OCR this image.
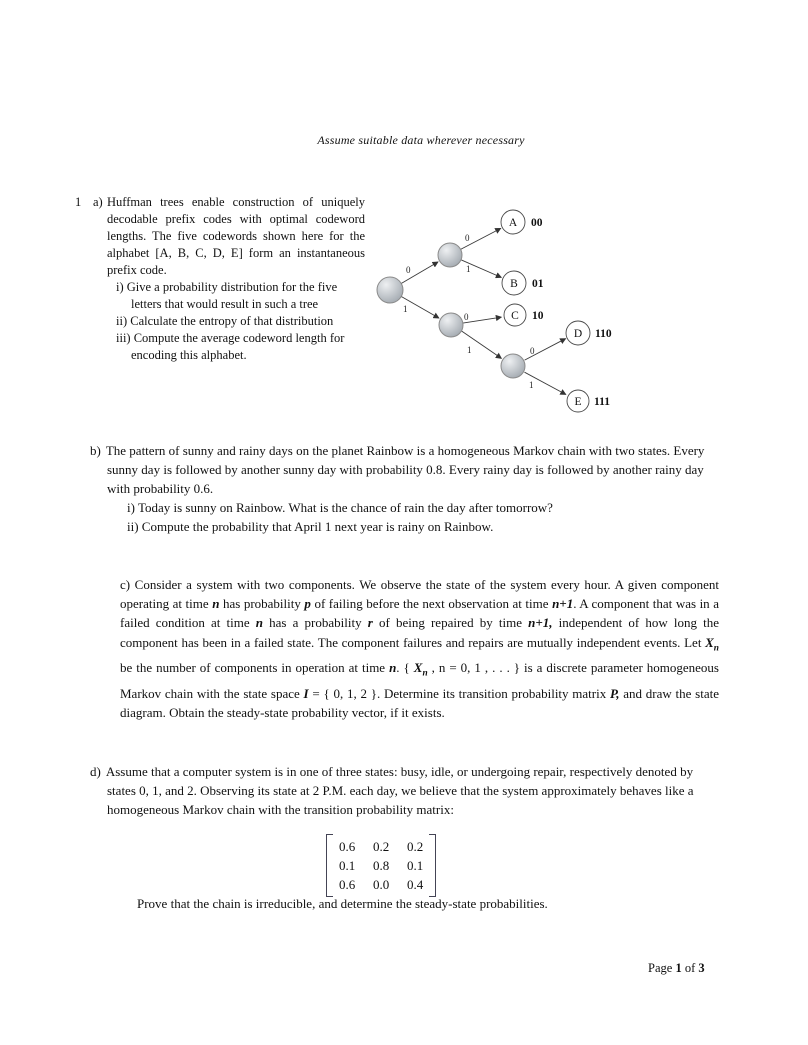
Assume suitable data wherever necessary
1 a) Huffman trees enable construction of uniquely decodable prefix codes with optimal codeword lengths. The five codewords shown here for the alphabet [A, B, C, D, E] form an instantaneous prefix code.
i) Give a probability distribution for the five letters that would result in such a tree
ii) Calculate the entropy of that distribution
iii) Compute the average codeword length for encoding this alphabet.
0
1
0
1
0
1	0
1
A 00
B 01
C 10
D 110
E 111

b) The pattern of sunny and rainy days on the planet Rainbow is a homogeneous Markov chain with two states. Every sunny day is followed by another sunny day with probability 0.8. Every rainy day is followed by another rainy day with probability 0.6.

i) Today is sunny on Rainbow. What is the chance of rain the day after tomorrow?
ii) Compute the probability that April 1 next year is rainy on Rainbow.

c) Consider a system with two components. We observe the state of the system every hour. A given component operating at time n has probability p of failing before the next observation at time n+1. A component that was in a failed condition at time n has a probability r of being repaired by time n+1, independent of how long the component has been in a failed state. The component failures and repairs are mutually independent events. Let $X_n$ be the number of components in operation at time n. { $X_n$ , n = 0, 1 , . . . } is a discrete parameter homogeneous Markov chain with the state space I = { 0, 1, 2 }. Determine its transition probability matrix P, and draw the state diagram. Obtain the steady-state probability vector, if it exists.

d) Assume that a computer system is in one of three states: busy, idle, or undergoing repair, respectively denoted by states 0, 1, and 2. Observing its state at 2 P.M. each day, we believe that the system approximately behaves like a homogeneous Markov chain with the transition probability matrix:

0.6 0.2 0.2
0.1 0.8 0.1
0.6 0.0 0.4
Prove that the chain is irreducible, and determine the steady-state probabilities.
Page 1 of 3
